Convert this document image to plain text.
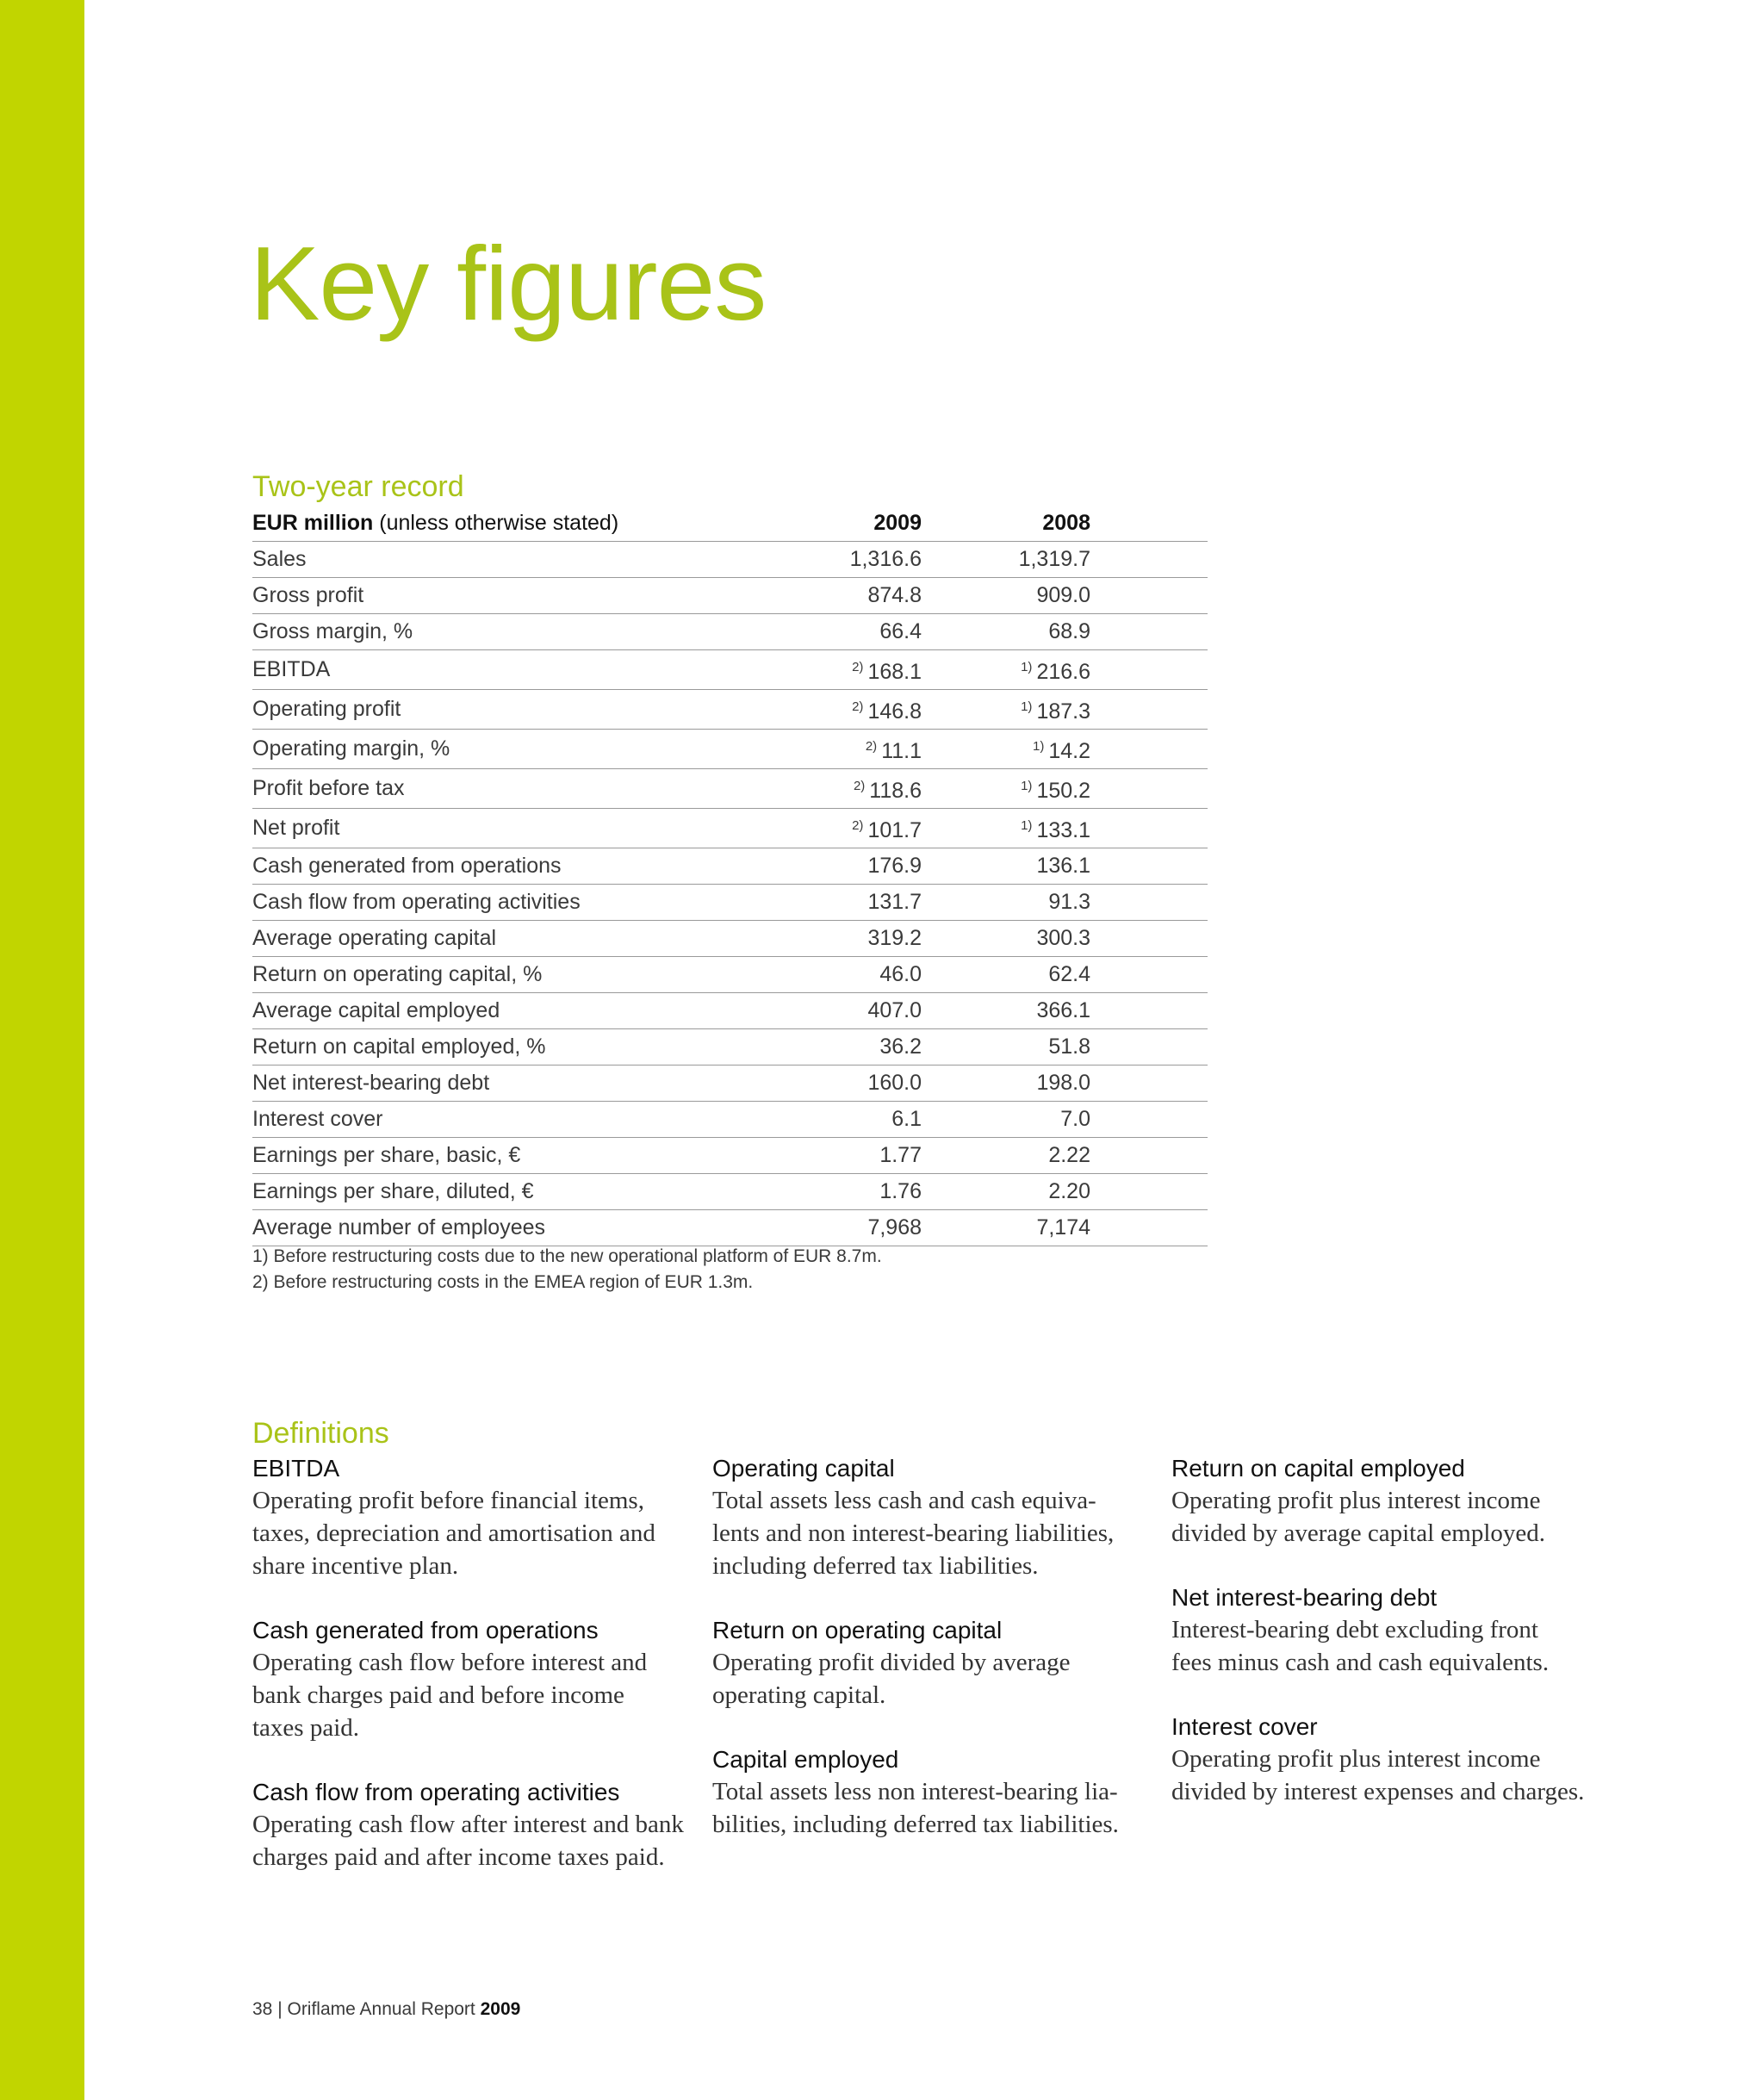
Key figures
Two-year record
EUR million (unless otherwise stated)	2009	2008	
Sales	1,316.6	1,319.7	
Gross profit	874.8	909.0	
Gross margin, %	66.4	68.9	
EBITDA	$^{2)}$ 168.1	$^{1)}$ 216.6	
Operating profit	$^{2)}$ 146.8	$^{1)}$ 187.3	
Operating margin, %	$^{2)}$ 11.1	$^{1)}$ 14.2	
Profit before tax	$^{2)}$ 118.6	$^{1)}$ 150.2	
Net profit	$^{2)}$ 101.7	$^{1)}$ 133.1	
Cash generated from operations	176.9	136.1	
Cash flow from operating activities	131.7	91.3	
Average operating capital	319.2	300.3	
Return on operating capital, %	46.0	62.4	
Average capital employed	407.0	366.1	
Return on capital employed, %	36.2	51.8	
Net interest-bearing debt	160.0	198.0	
Interest cover	6.1	7.0	
Earnings per share, basic, €	1.77	2.22	
Earnings per share, diluted, €	1.76	2.20	
Average number of employees	7,968	7,174	
1) Before restructuring costs due to the new operational platform of EUR 8.7m.
2) Before restructuring costs in the EMEA region of EUR 1.3m.
Definitions
EBITDA
Operating profit before financial items,
taxes, depreciation and amortisation and
share incentive plan.
Cash generated from operations
Operating cash flow before interest and
bank charges paid and before income
taxes paid.
Cash flow from operating activities
Operating cash flow after interest and bank
charges paid and after income taxes paid.
Operating capital
Total assets less cash and cash equiva-
lents and non interest-bearing liabilities,
including deferred tax liabilities.
Return on operating capital
Operating profit divided by average
operating capital.
Capital employed
Total assets less non interest-bearing lia-
bilities, including deferred tax liabilities.
Return on capital employed
Operating profit plus interest income
divided by average capital employed.
Net interest-bearing debt
Interest-bearing debt excluding front
fees minus cash and cash equivalents.
Interest cover
Operating profit plus interest income
divided by interest expenses and charges.
38 | Oriflame Annual Report 2009
